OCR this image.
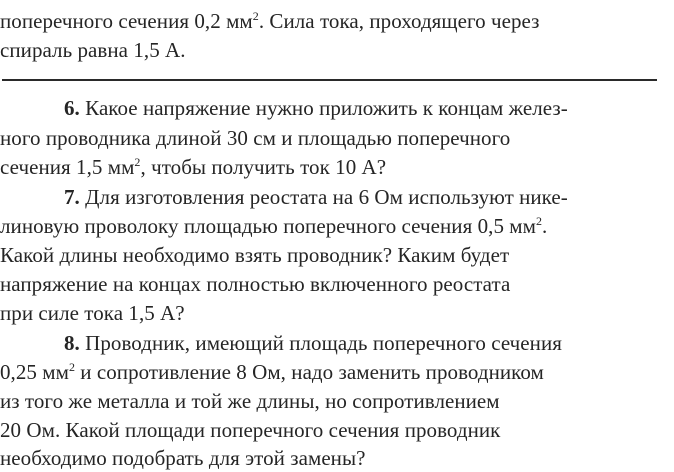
поперечного сечения 0,2 $мм^2$. Сила тока, проходящего через
спираль равна 1,5 А.
6. Какое напряжение нужно приложить к концам желез-
ного проводника длиной 30 см и площадью поперечного
сечения 1,5 $мм^2$, чтобы получить ток 10 А?
7. Для изготовления реостата на 6 Ом используют нике-
линовую проволоку площадью поперечного сечения 0,5 $мм^2$.
Какой длины необходимо взять проводник? Каким будет
напряжение на концах полностью включенного реостата
при силе тока 1,5 А?
8. Проводник, имеющий площадь поперечного сечения
0,25 $мм^2$ и сопротивление 8 Ом, надо заменить проводником
из того же металла и той же длины, но сопротивлением
20 Ом. Какой площади поперечного сечения проводник
необходимо подобрать для этой замены?
